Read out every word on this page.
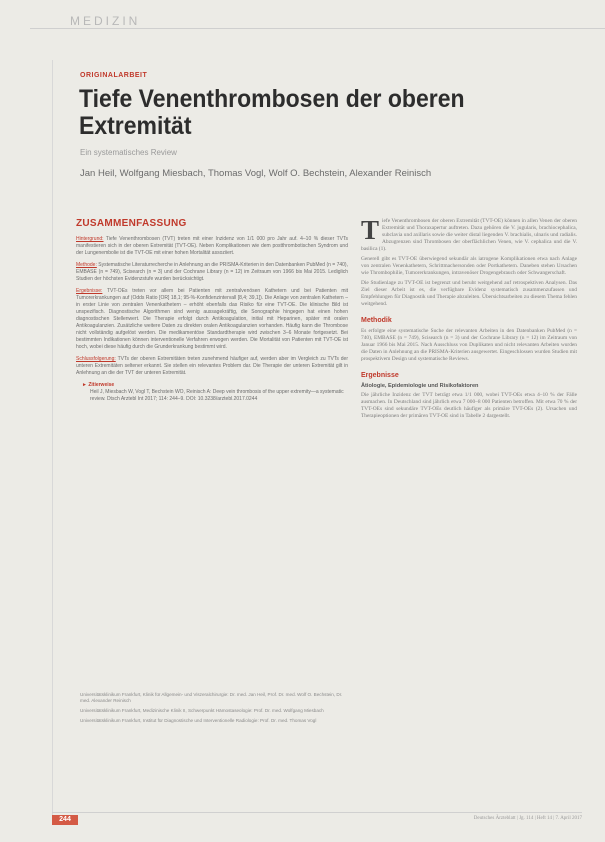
MEDIZIN
ORIGINALARBEIT
Tiefe Venenthrombosen der oberen Extremität
Ein systematisches Review
Jan Heil, Wolfgang Miesbach, Thomas Vogl, Wolf O. Bechstein, Alexander Reinisch
ZUSAMMENFASSUNG

Hintergrund: Tiefe Venenthrombosen (TVT) treten mit einer Inzidenz von 1/1 000 pro Jahr auf. 4–10 % dieser TVTs manifestieren sich in der oberen Extremität (TVT-OE). Neben Komplikationen wie dem postthrombotischen Syndrom und der Lungenembolie ist die TVT-OE mit einer hohen Mortalität assoziiert.

Methode: Systematische Literaturrecherche in Anlehnung an die PRISMA-Kriterien in den Datenbanken PubMed (n = 740), EMBASE (n = 749), Scisearch (n = 3) und der Cochrane Library (n = 12) im Zeitraum von 1966 bis Mai 2015. Lediglich Studien der höchsten Evidenzstufe wurden berücksichtigt.

Ergebnisse: TVT-OEs treten vor allem bei Patienten mit zentralvenösen Kathetern und bei Patienten mit Tumorerkrankungen auf (Odds Ratio [OR] 18,1; 95-%-Konfidenzintervall [8,4; 39,1]). Die Anlage von zentralen Kathetern – in erster Linie von zentralen Venenkathetern – erhöht ebenfalls das Risiko für eine TVT-OE. Die klinische Bild ist unspezifisch. Diagnostische Algorithmen sind wenig aussagekräftig, die Sonographie hingegen hat einen hohen diagnostischen Stellenwert. Die Therapie erfolgt durch Antikoagulation, initial mit Heparinen, später mit oralen Antikoagulanzien. Zusätzliche weitere Daten zu direkten oralen Antikoagulanzien vorhanden. Häufig kann die Thrombose nicht vollständig aufgelöst werden. Die medikamentöse Standardtherapie wird zwischen 3–6 Monate fortgesetzt. Bei bestimmten Indikationen können interventionelle Verfahren erwogen werden. Die Mortalität von Patienten mit TVT-OE ist hoch, wobei diese häufig durch die Grunderkrankung bestimmt wird.

Schlussfolgerung: TVTs der oberen Extremitäten treten zunehmend häufiger auf, werden aber im Vergleich zu TVTs der unteren Extremitäten seltener erkannt. Sie stellen ein relevantes Problem dar. Die Therapie der unteren Extremität gilt in Anlehnung an die der TVT der unteren Extremität.

► Zitierweise
Heil J, Miesbach W, Vogl T, Bechstein WO, Reinisch A: Deep vein thrombosis of the upper extremity—a systematic review. Dtsch Arztebl Int 2017; 114: 244–9. DOI: 10.3238/arztebl.2017.0244

Universitätsklinikum Frankfurt, Klinik für Allgemein- und Viszeralchirurgie: Dr. med. Jan Heil, Prof. Dr. med. Wolf O. Bechstein, Dr. med. Alexander Reinisch

Universitätsklinikum Frankfurt, Medizinische Klinik II, Schwerpunkt Hämostaseologie: Prof. Dr. med. Wolfgang Miesbach

Universitätsklinikum Frankfurt, Institut für Diagnostische und Interventionelle Radiologie: Prof. Dr. med. Thomas Vogl

Tiefe Venenthrombosen der oberen Extremität (TVT-OE) können in allen Venen der oberen Extremität und Thoraxapertur auftreten. Dazu gehören die V. jugularis, brachiocephalica, subclavia und axillaris sowie die weiter distal liegenden V. brachialis, ulnaris und radialis. Abzugrenzen sind Thrombosen der oberflächlichen Venen, wie V. cephalica und die V. basilica (1).

Generell gibt es TVT-OE überwiegend sekundär als iatrogene Komplikationen etwa nach Anlage von zentralen Venenkathetern, Schrittmachersonden oder Portkathetern. Daneben stehen Ursachen wie Thrombophilie, Tumorerkrankungen, intravenöser Drogengebrauch oder Schwangerschaft.

Die Studienlage zu TVT-OE ist begrenzt und beruht weitgehend auf retrospektiven Analysen. Das Ziel dieser Arbeit ist es, die verfügbare Evidenz systematisch zusammenzufassen und Empfehlungen für Diagnostik und Therapie abzuleiten. Übersichtsarbeiten zu diesem Thema fehlen weitgehend.

Methodik

Es erfolgte eine systematische Suche der relevanten Arbeiten in den Datenbanken PubMed (n = 740), EMBASE (n = 749), Scisearch (n = 3) und der Cochrane Library (n = 12) im Zeitraum von Januar 1966 bis Mai 2015. Nach Ausschluss von Duplikaten und nicht relevanten Arbeiten wurden die Daten in Anlehnung an die PRISMA-Kriterien ausgewertet. Eingeschlossen wurden Studien mit prospektivem Design und systematische Reviews.

Ergebnisse
Ätiologie, Epidemiologie und Risikofaktoren

Die jährliche Inzidenz der TVT beträgt etwa 1/1 000, wobei TVT-OEs etwa 4–10 % der Fälle ausmachen. In Deutschland sind jährlich etwa 7 000–8 000 Patienten betroffen. Mit etwa 70 % der TVT-OEs sind sekundäre TVT-OEs deutlich häufiger als primäre TVT-OEs (2). Ursachen und Therapieoptionen der primären TVT-OE sind in Tabelle 2 dargestellt.

244	Deutsches Ärzteblatt | Jg. 114 | Heft 14 | 7. April 2017
